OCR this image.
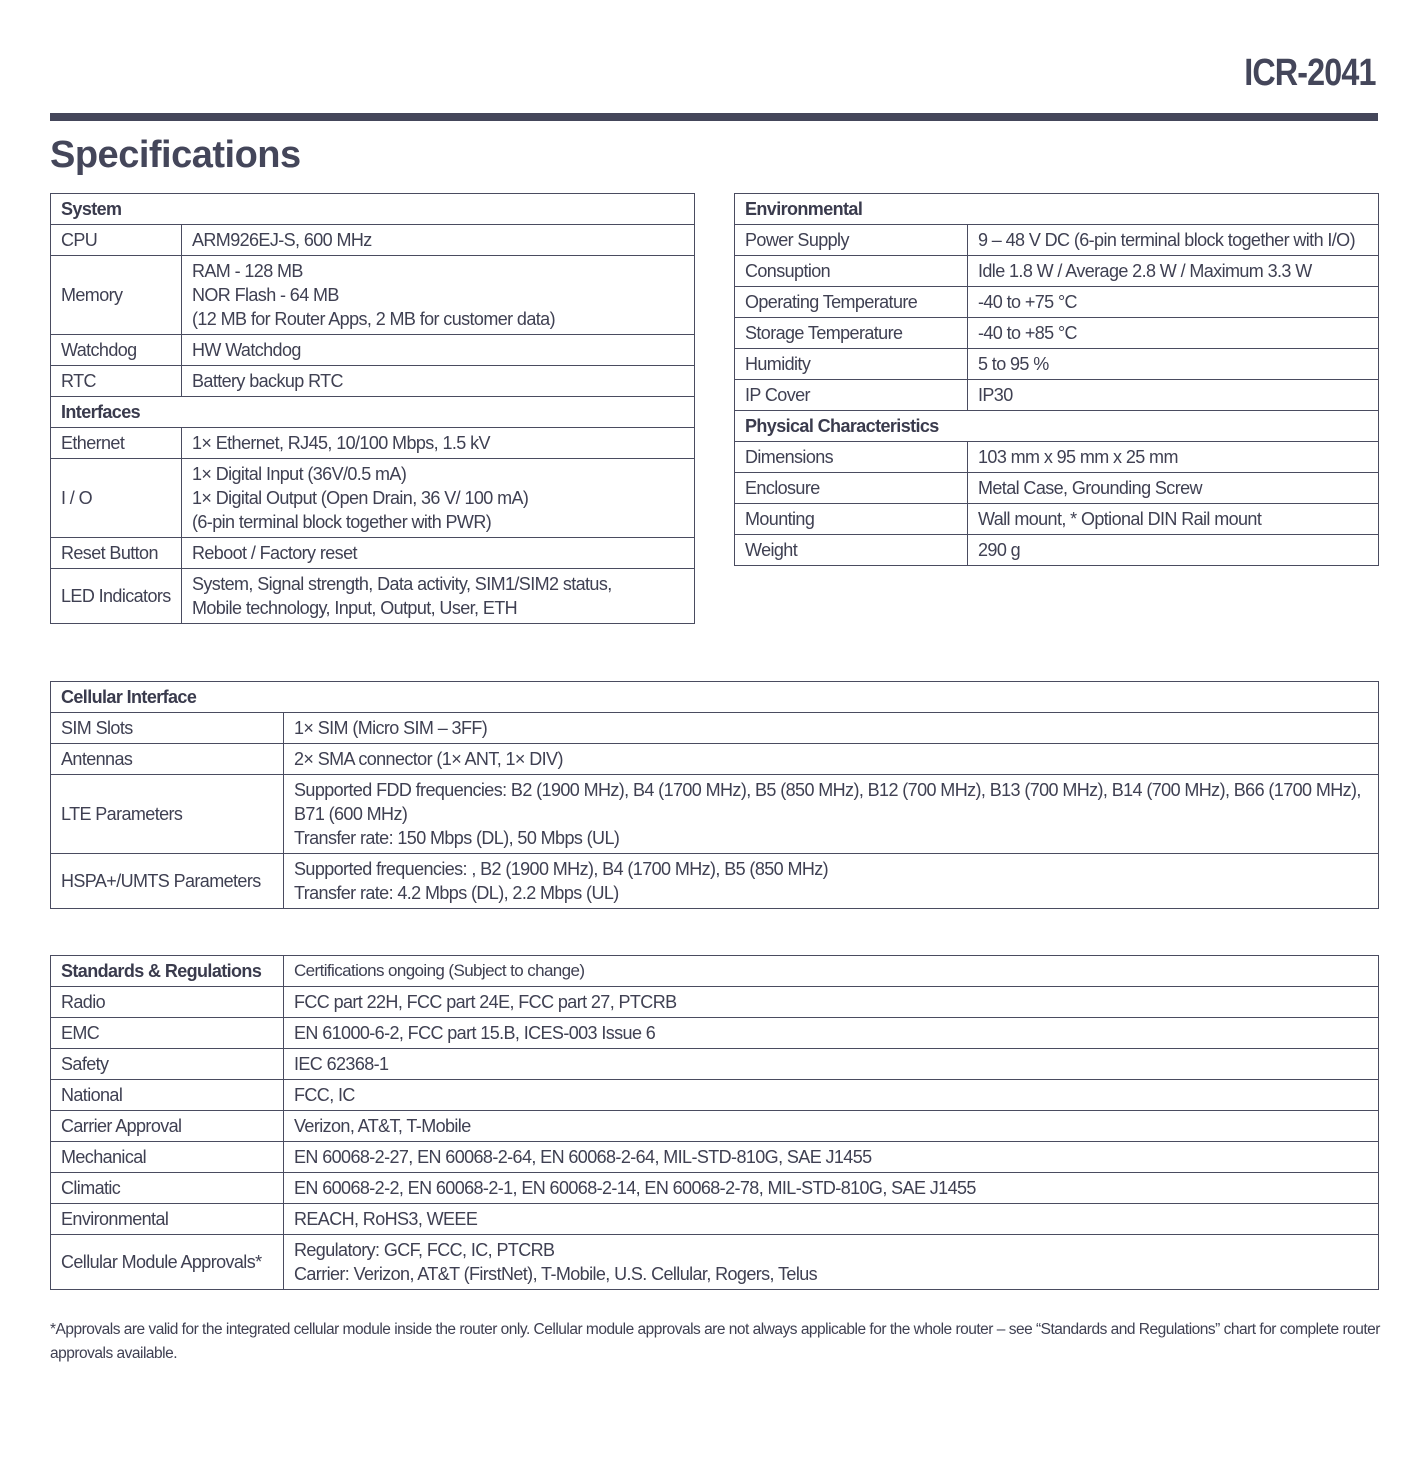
ICR-2041
Specifications
System	
CPU	ARM926EJ-S, 600 MHz

Memory	RAM - 128 MB
NOR Flash - 64 MB
(12 MB for Router Apps, 2 MB for customer data)

Watchdog	HW Watchdog

RTC	Battery backup RTC

Interfaces	
Ethernet	1× Ethernet, RJ45, 10/100 Mbps, 1.5 kV

I / O	1× Digital Input (36V/0.5 mA)
1× Digital Output (Open Drain, 36 V/ 100 mA)
(6-pin terminal block together with PWR)

Reset Button	Reboot / Factory reset

LED Indicators	System, Signal strength, Data activity, SIM1/SIM2 status,
Mobile technology, Input, Output, User, ETH
Environmental	
Power Supply	9 – 48 V DC (6-pin terminal block together with I/O)

Consuption	Idle 1.8 W / Average 2.8 W / Maximum 3.3 W

Operating Temperature	-40 to +75 °C

Storage Temperature	-40 to +85 °C

Humidity	5 to 95 %

IP Cover	IP30

Physical Characteristics	
Dimensions	103 mm x 95 mm x 25 mm

Enclosure	Metal Case, Grounding Screw

Mounting	Wall mount, * Optional DIN Rail mount

Weight	290 g
Cellular Interface	
SIM Slots	1× SIM (Micro SIM – 3FF)

Antennas	2× SMA connector (1× ANT, 1× DIV)

LTE Parameters	Supported FDD frequencies: B2 (1900 MHz), B4 (1700 MHz), B5 (850 MHz), B12 (700 MHz), B13 (700 MHz), B14 (700 MHz), B66 (1700 MHz), B71 (600 MHz)
Transfer rate: 150 Mbps (DL), 50 Mbps (UL)

HSPA+/UMTS Parameters	Supported frequencies: , B2 (1900 MHz), B4 (1700 MHz), B5 (850 MHz)
Transfer rate: 4.2 Mbps (DL), 2.2 Mbps (UL)
Standards & Regulations	Certifications ongoing (Subject to change)
Radio	FCC part 22H, FCC part 24E, FCC part 27, PTCRB

EMC	EN 61000-6-2, FCC part 15.B, ICES-003 Issue 6

Safety	IEC 62368-1

National	FCC, IC

Carrier Approval	Verizon, AT&T, T-Mobile

Mechanical	EN 60068-2-27, EN 60068-2-64, EN 60068-2-64, MIL-STD-810G, SAE J1455

Climatic	EN 60068-2-2, EN 60068-2-1, EN 60068-2-14, EN 60068-2-78, MIL-STD-810G, SAE J1455

Environmental	REACH, RoHS3, WEEE

Cellular Module Approvals*	Regulatory: GCF, FCC, IC, PTCRB
Carrier: Verizon, AT&T (FirstNet), T-Mobile, U.S. Cellular, Rogers, Telus
*Approvals are valid for the integrated cellular module inside the router only. Cellular module approvals are not always applicable for the whole router – see “Standards and Regulations” chart for complete router approvals available.
